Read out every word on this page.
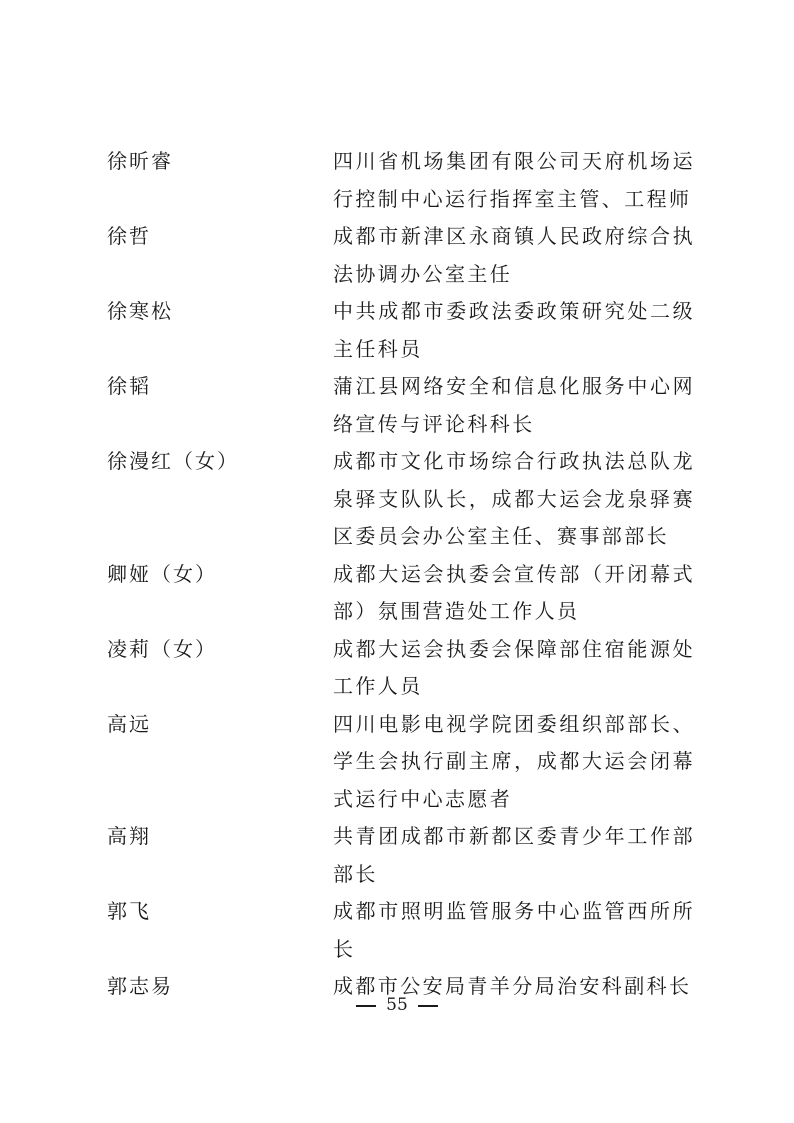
徐昕睿	四川省机场集团有限公司天府机场运行控制中心运行指挥室主管、工程师
徐哲	成都市新津区永商镇人民政府综合执法协调办公室主任
徐寒松	中共成都市委政法委政策研究处二级主任科员
徐韬	蒲江县网络安全和信息化服务中心网络宣传与评论科科长
徐漫红（女）	成都市文化市场综合行政执法总队龙泉驿支队队长，成都大运会龙泉驿赛区委员会办公室主任、赛事部部长
卿娅（女）	成都大运会执委会宣传部（开闭幕式部）氛围营造处工作人员
凌莉（女）	成都大运会执委会保障部住宿能源处工作人员
高远	四川电影电视学院团委组织部部长、学生会执行副主席，成都大运会闭幕式运行中心志愿者
高翔	共青团成都市新都区委青少年工作部部长
郭飞	成都市照明监管服务中心监管西所所长
郭志易	成都市公安局青羊分局治安科副科长
55
